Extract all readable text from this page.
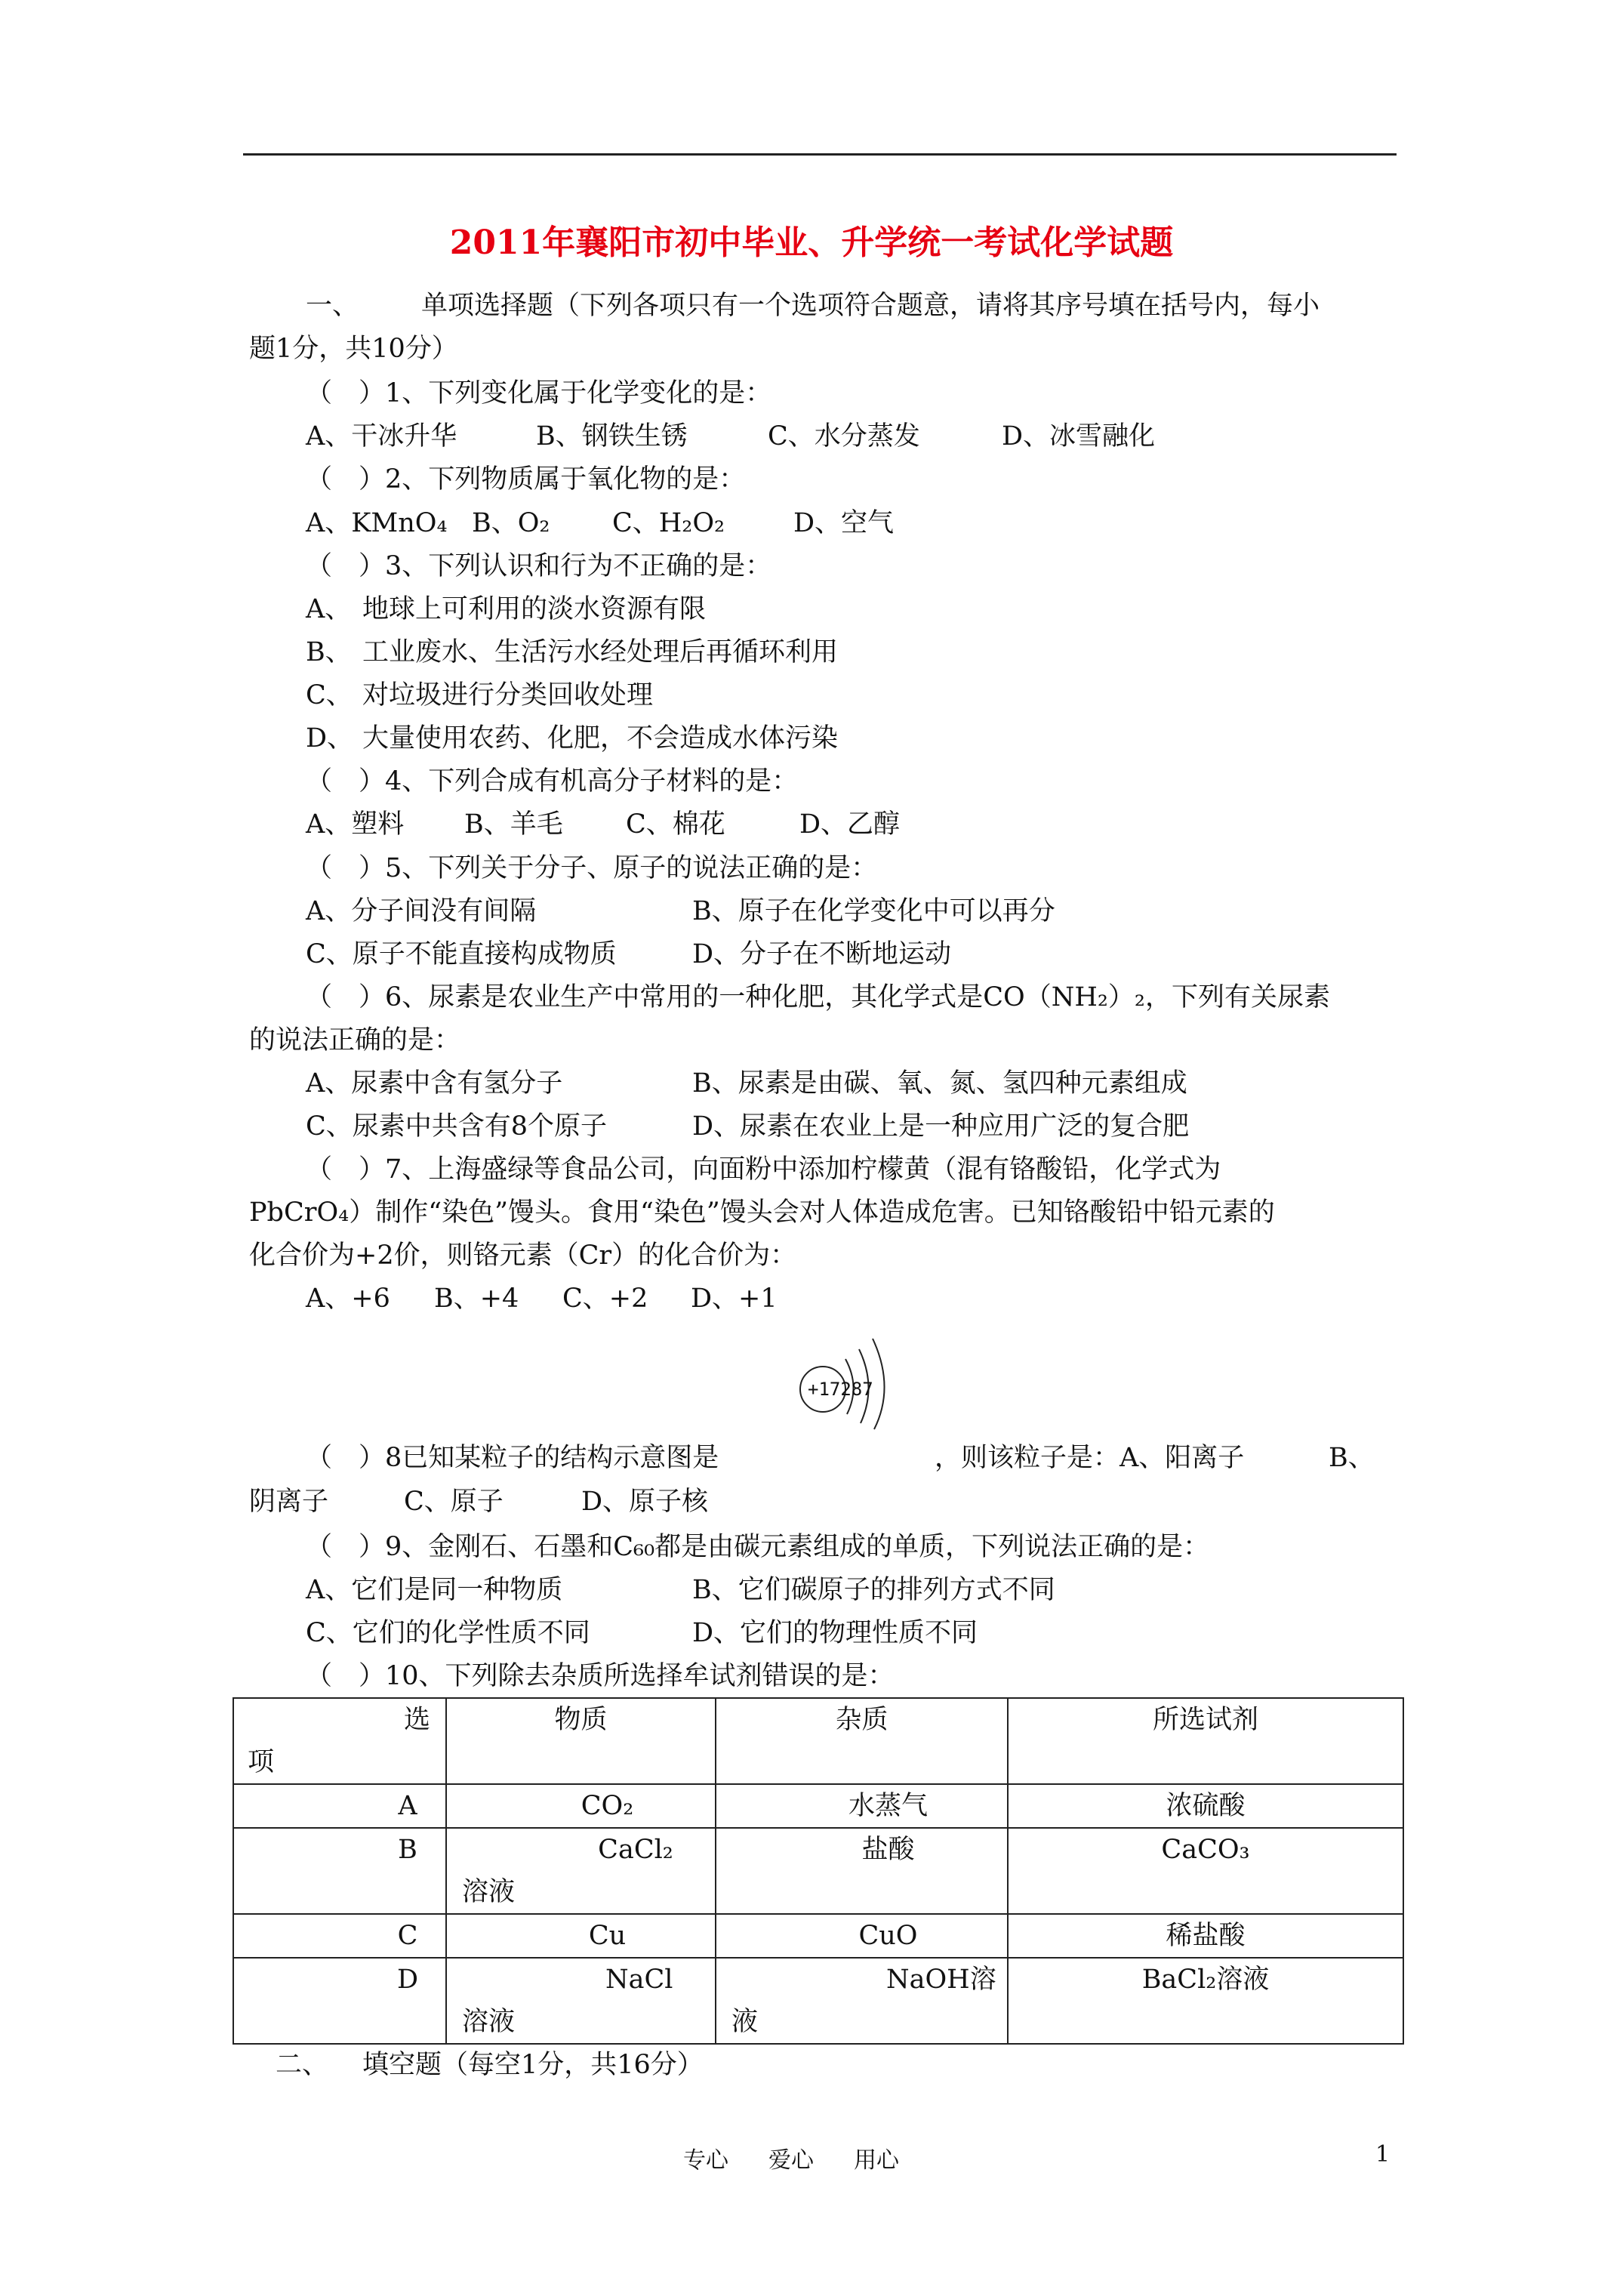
2011年襄阳市初中毕业、升学统一考试化学试题
一、 单项选择题（下列各项只有一个选项符合题意，请将其序号填在括号内，每小
题1分，共10分）
（　）1、下列变化属于化学变化的是：
A、干冰升华	B、钢铁生锈	C、水分蒸发	D、冰雪融化
（　）2、下列物质属于氧化物的是：
A、KMnO₄ B、O₂ C、H₂O₂	D、空气
（　）3、下列认识和行为不正确的是：
A、 地球上可利用的淡水资源有限
B、 工业废水、生活污水经处理后再循环利用
C、 对垃圾进行分类回收处理
D、 大量使用农药、化肥，不会造成水体污染
（　）4、下列合成有机高分子材料的是：
A、塑料 B、羊毛 C、棉花	D、乙醇
（　）5、下列关于分子、原子的说法正确的是：
A、分子间没有间隔	B、原子在化学变化中可以再分
C、原子不能直接构成物质	D、分子在不断地运动
（　）6、尿素是农业生产中常用的一种化肥，其化学式是CO（NH₂）₂，下列有关尿素
的说法正确的是：
A、尿素中含有氢分子	B、尿素是由碳、氧、氮、氢四种元素组成
C、尿素中共含有8个原子	D、尿素在农业上是一种应用广泛的复合肥
（　）7、上海盛绿等食品公司，向面粉中添加柠檬黄（混有铬酸铅，化学式为
PbCrO₄）制作“染色”馒头。食用“染色”馒头会对人体造成危害。已知铬酸铅中铅元素的
化合价为+2价，则铬元素（Cr）的化合价为：
A、+6 B、+4 C、+2 D、+1
+17287
（　）8已知某粒子的结构示意图是	，则该粒子是：A、阳离子	B、
阴离子	C、原子	D、原子核
（　）9、金刚石、石墨和C₆₀都是由碳元素组成的单质，下列说法正确的是：
A、它们是同一种物质	B、它们碳原子的排列方式不同
C、它们的化学性质不同	D、它们的物理性质不同
（　）10、下列除去杂质所选择牟试剂错误的是：
选
项	物质	杂质	所选试剂
A	CO₂	水蒸气	浓硫酸
B	CaCl₂
溶液	盐酸	CaCO₃
C	Cu	CuO	稀盐酸
D	NaCl
溶液	NaOH溶
液	BaCl₂溶液
二、 填空题（每空1分，共16分）
专心 爱心 用心	1
